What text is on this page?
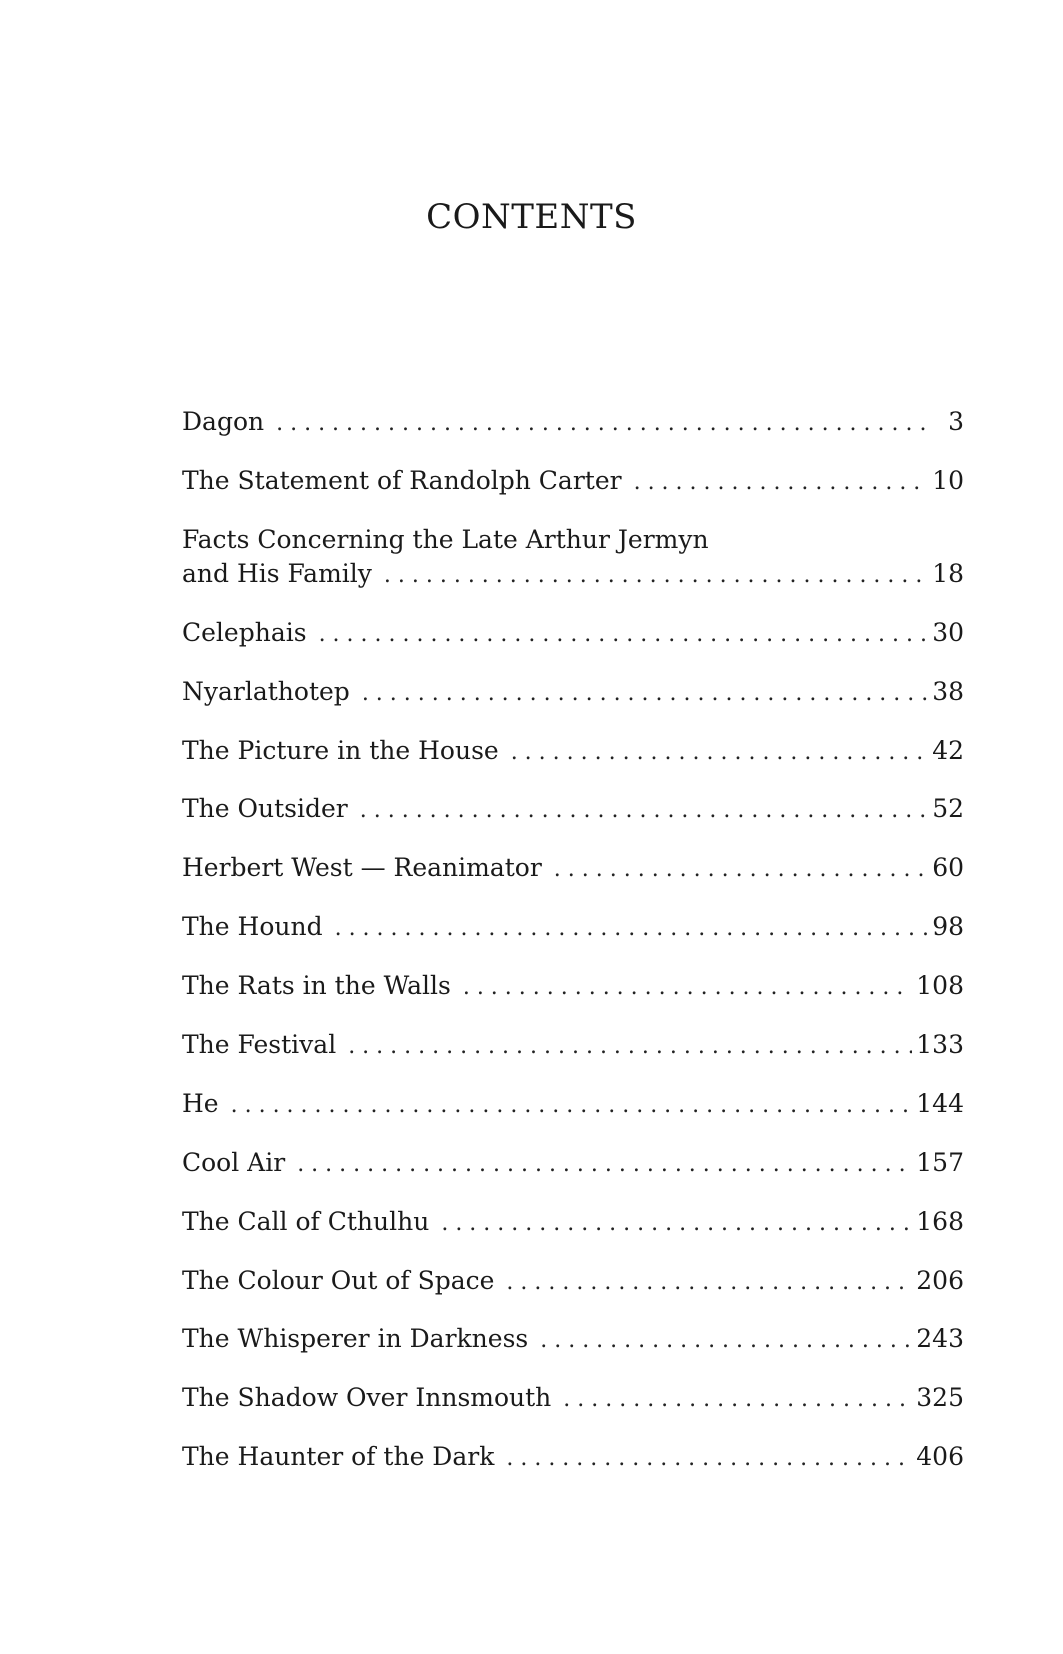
CONTENTS
Dagon . . .	3
The Statement of Randolph Carter . . .	10
Facts Concerning the Late Arthur Jermyn
and His Family . . .	18
Celephais . . .	30
Nyarlathotep . . .	38
The Picture in the House . . .	42
The Outsider . . .	52
Herbert West — Reanimator . . .	60
The Hound . . .	98
The Rats in the Walls . . .	108
The Festival . . .	133
He . . .	144
Cool Air . . .	157
The Call of Cthulhu . . .	168
The Colour Out of Space . . .	206
The Whisperer in Darkness . . .	243
The Shadow Over Innsmouth . . .	325
The Haunter of the Dark . . .	406
